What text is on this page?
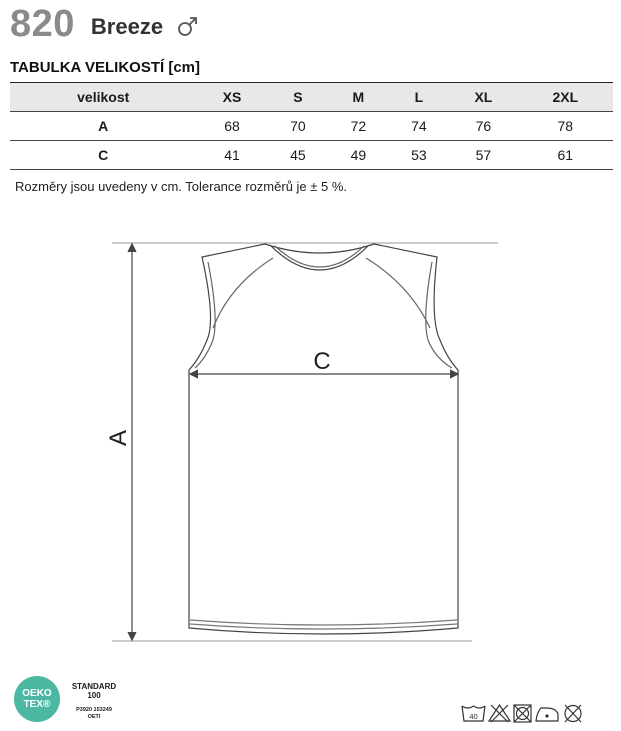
820 Breeze
TABULKA VELIKOSTÍ [cm]
velikost	XS	S	M	L	XL	2XL
A	68	70	72	74	76	78
C	41	45	49	53	57	61
Rozměry jsou uvedeny v cm. Tolerance rozměrů je ± 5 %.
A
C
OEKO
TEX®
STANDARD
100
P3920 153249
OETI	40
